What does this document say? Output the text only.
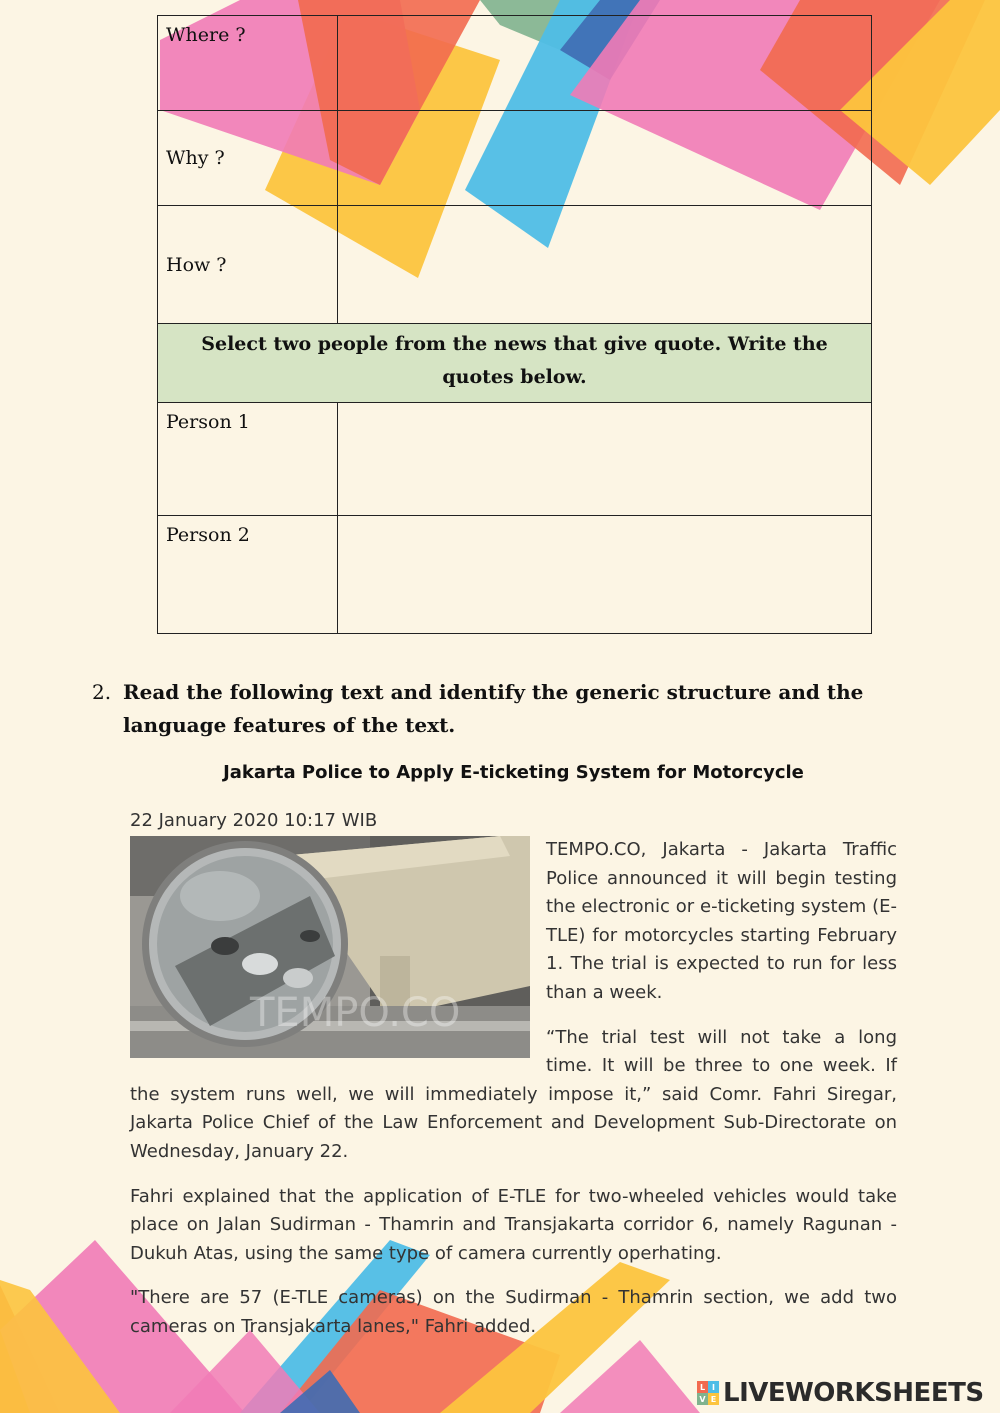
Where ?	
Why ?	
How ?	
Select two people from the news that give quote. Write the quotes below.	
Person 1	
Person 2	
2. Read the following text and identify the generic structure and the language features of the text.
Jakarta Police to Apply E-ticketing System for Motorcycle
22 January 2020 10:17 WIB
TEMPO.CO

TEMPO.CO, Jakarta - Jakarta Traffic Police announced it will begin testing the electronic or e-ticketing system (E-TLE) for motorcycles starting February 1. The trial is expected to run for less than a week.

“The trial test will not take a long time. It will be three to one week. If the system runs well, we will immediately impose it,” said Comr. Fahri Siregar, Jakarta Police Chief of the Law Enforcement and Development Sub-Directorate on Wednesday, January 22.

Fahri explained that the application of E-TLE for two-wheeled vehicles would take place on Jalan Sudirman - Thamrin and Transjakarta corridor 6, namely Ragunan - Dukuh Atas, using the same type of camera currently operhating.

"There are 57 (E-TLE cameras) on the Sudirman - Thamrin section, we add two cameras on Transjakarta lanes," Fahri added.

L I
V E LIVEWORKSHEETS
